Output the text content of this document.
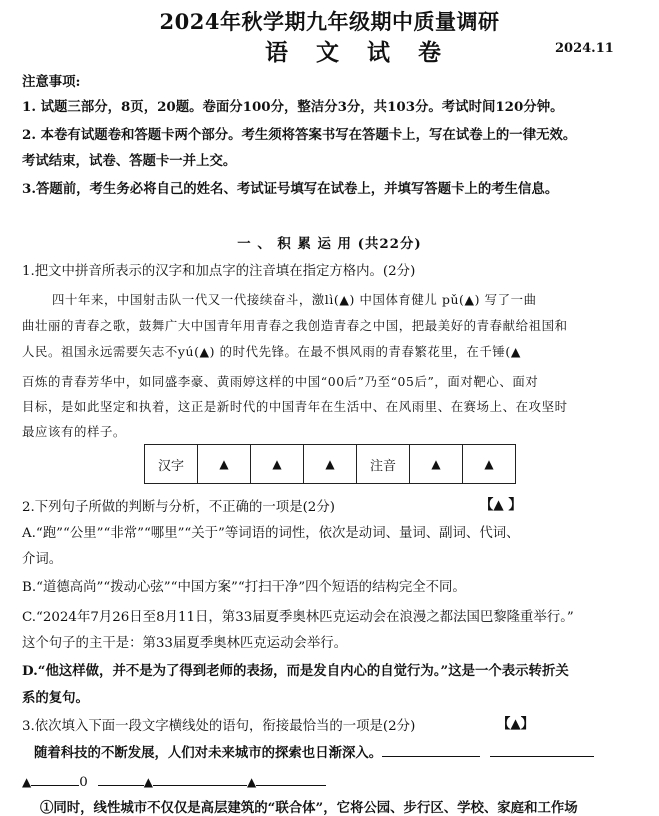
2024年秋学期九年级期中质量调研
语 文 试 卷	2024.11
注意事项:
1. 试题三部分，8页，20题。卷面分100分，整洁分3分，共103分。考试时间120分钟。
2. 本卷有试题卷和答题卡两个部分。考生须将答案书写在答题卡上，写在试卷上的一律无效。
考试结束，试卷、答题卡一并上交。
3.答题前，考生务必将自己的姓名、考试证号填写在试卷上，并填写答题卡上的考生信息。
一 、 积 累 运 用 (共22分)
1.把文中拼音所表示的汉字和加点字的注音填在指定方格内。(2分)
四十年来，中国射击队一代又一代接续奋斗，激lì(▲) 中国体育健儿 pǔ(▲) 写了一曲
曲壮丽的青春之歌，鼓舞广大中国青年用青春之我创造青春之中国，把最美好的青春献给祖国和
人民。祖国永远需要矢志不yú(▲) 的时代先锋。在最不惧风雨的青春繁花里，在千锤(▲
百炼的青春芳华中，如同盛李豪、黄雨婷这样的中国“00后”乃至“05后”，面对靶心、面对
目标，是如此坚定和执着，这正是新时代的中国青年在生活中、在风雨里、在赛场上、在攻坚时
最应该有的样子。
汉字	▲	▲	▲	注音	▲	▲
2.下列句子所做的判断与分析，不正确的一项是(2分)	【▲ 】
A.“跑”“公里”“非常”“哪里”“关于”等词语的词性，依次是动词、量词、副词、代词、
介词。
B.“道德高尚”“拨动心弦”“中国方案”“打扫干净”四个短语的结构完全不同。
C.“2024年7月26日至8月11日，第33届夏季奥林匹克运动会在浪漫之都法国巴黎隆重举行。”
这个句子的主干是：第33届夏季奥林匹克运动会举行。
D.“他这样做，并不是为了得到老师的表扬，而是发自内心的自觉行为。”这是一个表示转折关
系的复句。
3.依次填入下面一段文字横线处的语句，衔接最恰当的一项是(2分)	【▲】
随着科技的不断发展，人们对未来城市的探索也日渐深入。
▲	0	▲	▲
①同时，线性城市不仅仅是高层建筑的“联合体”，它将公园、步行区、学校、家庭和工作场
